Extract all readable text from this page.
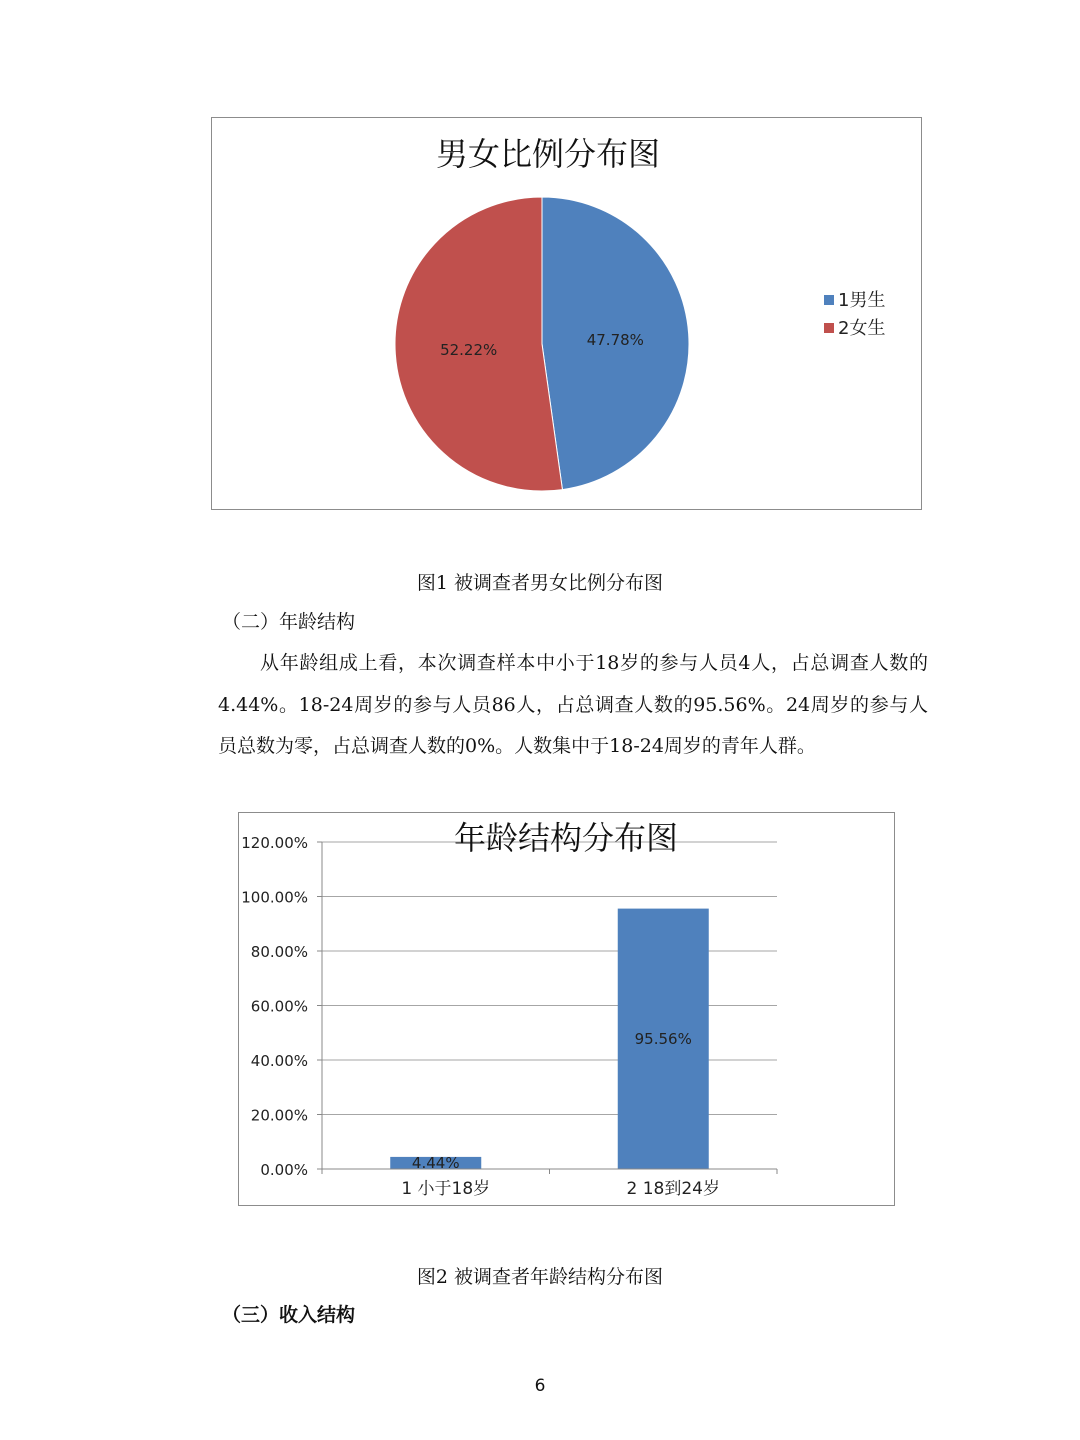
男女比例分布图
47.78%
52.22%
1男生
2女生
图1 被调查者男女比例分布图
（二）年龄结构
从年龄组成上看，本次调查样本中小于18岁的参与人员4人，占总调查人数的4.44%。18-24周岁的参与人员86人，占总调查人数的95.56%。24周岁的参与人员总数为零，占总调查人数的0%。人数集中于18-24周岁的青年人群。
4.44%
95.56%
0.00%
20.00%
40.00%
60.00%
80.00%
100.00%
120.00%
1 小于18岁	2 18到24岁
年龄结构分布图
图2 被调查者年龄结构分布图
（三）收入结构
6
